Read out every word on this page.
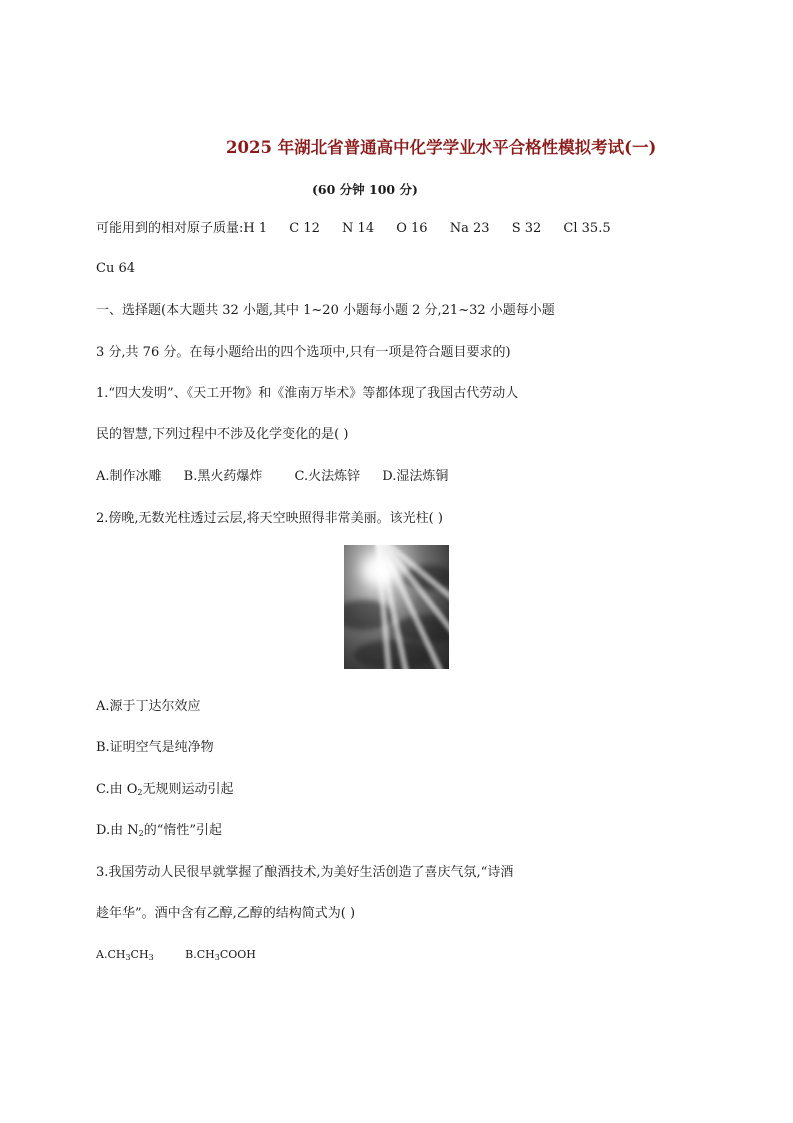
2025 年湖北省普通高中化学学业水平合格性模拟考试(一)
(60 分钟 100 分)
可能用到的相对原子质量:H 1 C 12 N 14 O 16 Na 23 S 32 Cl 35.5
Cu 64
一、选择题(本大题共 32 小题,其中 1~20 小题每小题 2 分,21~32 小题每小题
3 分,共 76 分。在每小题给出的四个选项中,只有一项是符合题目要求的)
1.“四大发明”、《天工开物》和《淮南万毕术》等都体现了我国古代劳动人
民的智慧,下列过程中不涉及化学变化的是( )
A.制作冰雕 B.黑火药爆炸 C.火法炼锌 D.湿法炼铜
2.傍晚,无数光柱透过云层,将天空映照得非常美丽。该光柱( )
A.源于丁达尔效应
B.证明空气是纯净物
C.由 $O_2$无规则运动引起
D.由 $N_2$的“惰性”引起
3.我国劳动人民很早就掌握了酿酒技术,为美好生活创造了喜庆气氛,“诗酒
趁年华”。酒中含有乙醇,乙醇的结构简式为( )
$A.CH_3CH_3$	$B.CH_3COOH$
